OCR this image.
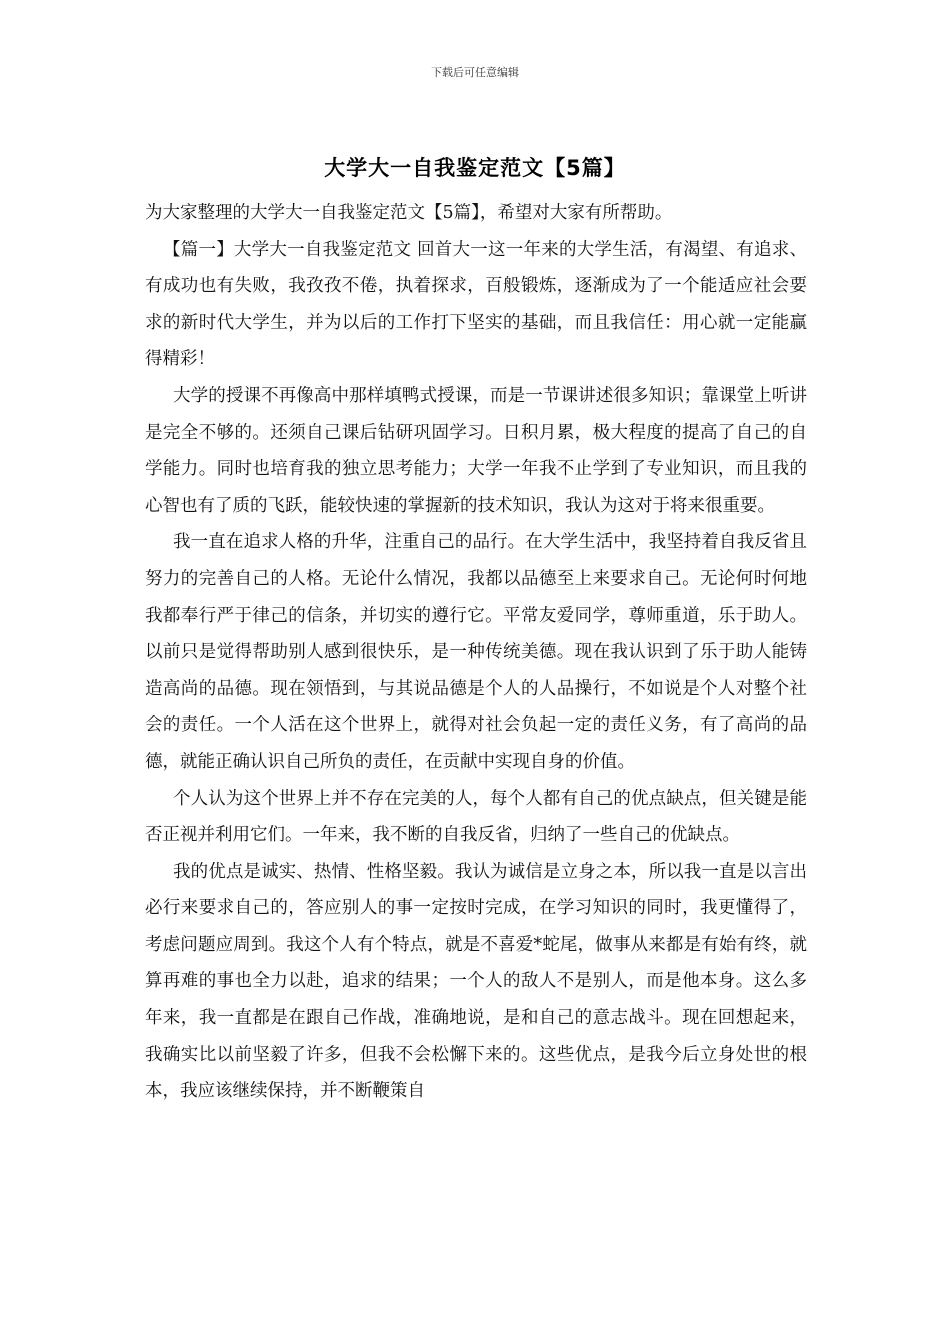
下载后可任意编辑
大学大一自我鉴定范文【5篇】

为大家整理的大学大一自我鉴定范文【5篇】，希望对大家有所帮助。

【篇一】大学大一自我鉴定范文 回首大一这一年来的大学生活，有渴望、有追求、有成功也有失败，我孜孜不倦，执着探求，百般锻炼，逐渐成为了一个能适应社会要求的新时代大学生，并为以后的工作打下坚实的基础，而且我信任：用心就一定能赢得精彩！

大学的授课不再像高中那样填鸭式授课，而是一节课讲述很多知识；靠课堂上听讲是完全不够的。还须自己课后钻研巩固学习。日积月累，极大程度的提高了自己的自学能力。同时也培育我的独立思考能力；大学一年我不止学到了专业知识，而且我的心智也有了质的飞跃，能较快速的掌握新的技术知识，我认为这对于将来很重要。

我一直在追求人格的升华，注重自己的品行。在大学生活中，我坚持着自我反省且努力的完善自己的人格。无论什么情况，我都以品德至上来要求自己。无论何时何地我都奉行严于律己的信条，并切实的遵行它。平常友爱同学，尊师重道，乐于助人。以前只是觉得帮助别人感到很快乐，是一种传统美德。现在我认识到了乐于助人能铸造高尚的品德。现在领悟到，与其说品德是个人的人品操行，不如说是个人对整个社会的责任。一个人活在这个世界上，就得对社会负起一定的责任义务，有了高尚的品德，就能正确认识自己所负的责任，在贡献中实现自身的价值。

个人认为这个世界上并不存在完美的人，每个人都有自己的优点缺点，但关键是能否正视并利用它们。一年来，我不断的自我反省，归纳了一些自己的优缺点。

我的优点是诚实、热情、性格坚毅。我认为诚信是立身之本，所以我一直是以言出必行来要求自己的，答应别人的事一定按时完成，在学习知识的同时，我更懂得了，考虑问题应周到。我这个人有个特点，就是不喜爱*蛇尾，做事从来都是有始有终，就算再难的事也全力以赴，追求的结果；一个人的敌人不是别人，而是他本身。这么多年来，我一直都是在跟自己作战，准确地说，是和自己的意志战斗。现在回想起来，我确实比以前坚毅了许多，但我不会松懈下来的。这些优点，是我今后立身处世的根本，我应该继续保持，并不断鞭策自
